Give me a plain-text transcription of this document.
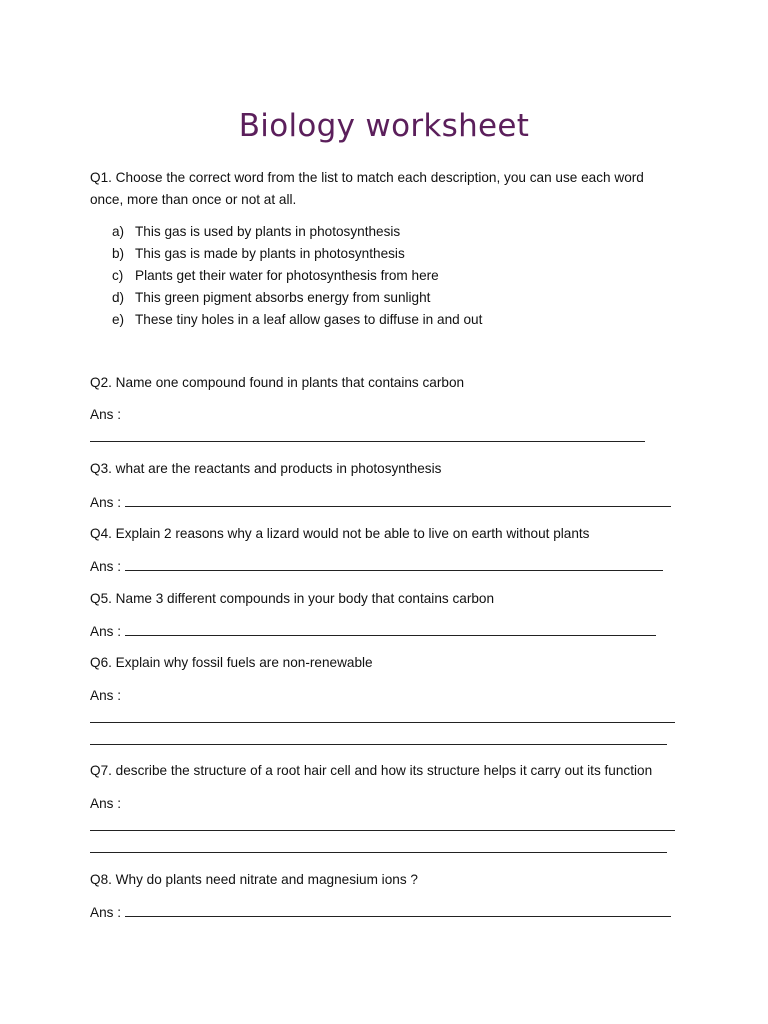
Biology worksheet
Q1. Choose the correct word from the list to match each description, you can use each word once, more than once or not at all.
a) This gas is used by plants in photosynthesis
b) This gas is made by plants in photosynthesis
c) Plants get their water for photosynthesis from here
d) This green pigment absorbs energy from sunlight
e) These tiny holes in a leaf allow gases to diffuse in and out
Q2. Name one compound found in plants that contains carbon
Ans :
Q3. what are the reactants and products in photosynthesis
Ans :
Q4. Explain 2 reasons why a lizard would not be able to live on earth without plants
Ans :
Q5. Name 3 different compounds in your body that contains carbon
Ans :
Q6. Explain why fossil fuels are non-renewable
Ans :
Q7. describe the structure of a root hair cell and how its structure helps it carry out its function
Ans :
Q8. Why do plants need nitrate and magnesium ions ?
Ans :
